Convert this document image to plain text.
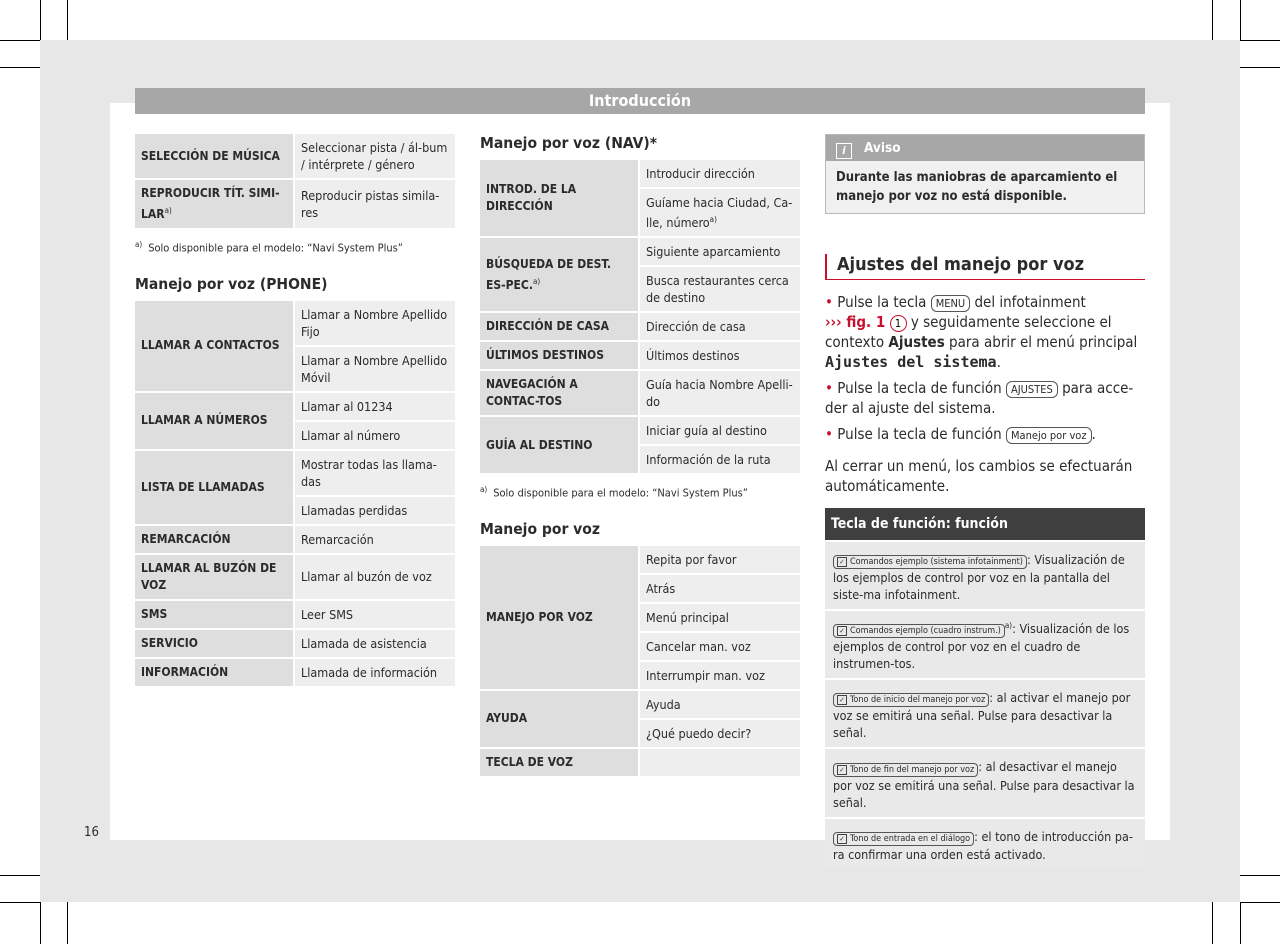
Introducción
SELECCIÓN DE MÚSICA	Seleccionar pista / ál-bum / intérprete / género
REPRODUCIR TÍT. SIMI-LAR$^{a)}$	Reproducir pistas simila-res

$^{a)}$ Solo disponible para el modelo: “Navi System Plus”

Manejo por voz (PHONE)
LLAMAR A CONTACTOS	Llamar a Nombre Apellido Fijo
	Llamar a Nombre Apellido Móvil
LLAMAR A NÚMEROS	Llamar al 01234
	Llamar al número
LISTA DE LLAMADAS	Mostrar todas las llama-das
	Llamadas perdidas
REMARCACIÓN	Remarcación
LLAMAR AL BUZÓN DE VOZ	Llamar al buzón de voz
SMS	Leer SMS
SERVICIO	Llamada de asistencia
INFORMACIÓN	Llamada de información
Manejo por voz (NAV)*
INTROD. DE LA DIRECCIÓN	Introducir dirección
	Guíame hacia Ciudad, Ca-lle, número$^{a)}$
BÚSQUEDA DE DEST. ES-PEC.$^{a)}$	Siguiente aparcamiento
	Busca restaurantes cerca de destino
DIRECCIÓN DE CASA	Dirección de casa
ÚLTIMOS DESTINOS	Últimos destinos
NAVEGACIÓN A CONTAC-TOS	Guía hacia Nombre Apelli-do
GUÍA AL DESTINO	Iniciar guía al destino
	Información de la ruta

$^{a)}$ Solo disponible para el modelo: “Navi System Plus”

Manejo por voz
MANEJO POR VOZ	Repita por favor
	Atrás
	Menú principal
	Cancelar man. voz
	Interrumpir man. voz
AYUDA	Ayuda
	¿Qué puedo decir?
TECLA DE VOZ	
i Aviso
Durante las maniobras de aparcamiento el manejo por voz no está disponible.
Ajustes del manejo por voz

• Pulse la tecla MENU del infotainment
››› fig. 1 1 y seguidamente seleccione el contexto Ajustes para abrir el menú principal Ajustes del sistema.

• Pulse la tecla de función AJUSTES para acce-der al ajuste del sistema.

• Pulse la tecla de función Manejo por voz .

Al cerrar un menú, los cambios se efectuarán automáticamente.

Tecla de función: función
✓ Comandos ejemplo (sistema infotainment) : Visualización de los ejemplos de control por voz en la pantalla del siste-ma infotainment.
✓ Comandos ejemplo (cuadro instrum.)$^{a)}$: Visualización de los ejemplos de control por voz en el cuadro de instrumen-tos.
✓ Tono de inicio del manejo por voz : al activar el manejo por voz se emitirá una señal. Pulse para desactivar la señal.
✓ Tono de fin del manejo por voz : al desactivar el manejo por voz se emitirá una señal. Pulse para desactivar la señal.
✓ Tono de entrada en el diálogo : el tono de introducción pa-ra confirmar una orden está activado.
16
